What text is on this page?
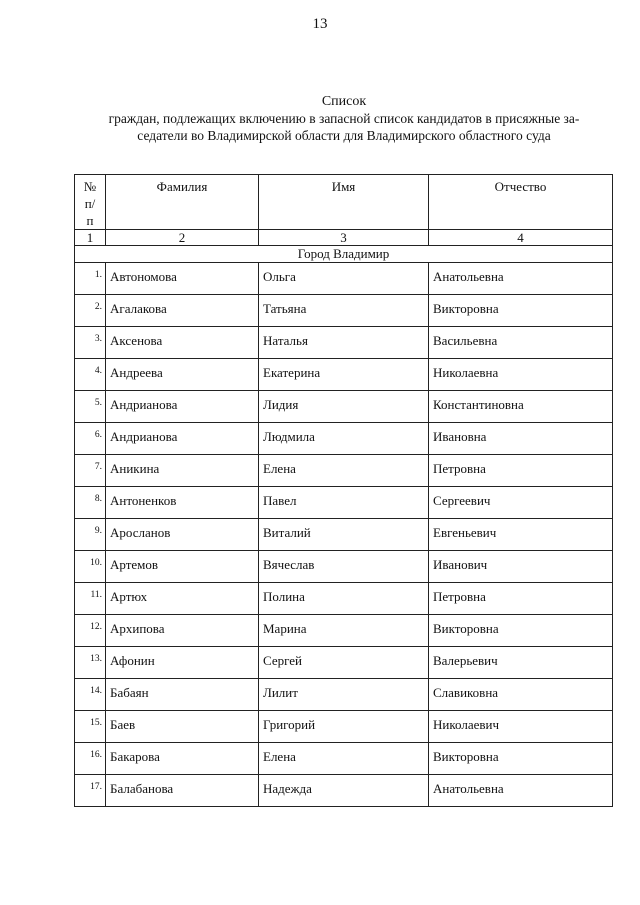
13
Список
граждан, подлежащих включению в запасной список кандидатов в присяжные за-
седатели во Владимирской области для Владимирского областного суда
№
п/
п	Фамилия	Имя	Отчество
1	2	3	4
Город Владимир			
1.	Автономова	Ольга	Анатольевна
2.	Агалакова	Татьяна	Викторовна
3.	Аксенова	Наталья	Васильевна
4.	Андреева	Екатерина	Николаевна
5.	Андрианова	Лидия	Константиновна
6.	Андрианова	Людмила	Ивановна
7.	Аникина	Елена	Петровна
8.	Антоненков	Павел	Сергеевич
9.	Аросланов	Виталий	Евгеньевич
10.	Артемов	Вячеслав	Иванович
11.	Артюх	Полина	Петровна
12.	Архипова	Марина	Викторовна
13.	Афонин	Сергей	Валерьевич
14.	Бабаян	Лилит	Славиковна
15.	Баев	Григорий	Николаевич
16.	Бакарова	Елена	Викторовна
17.	Балабанова	Надежда	Анатольевна
